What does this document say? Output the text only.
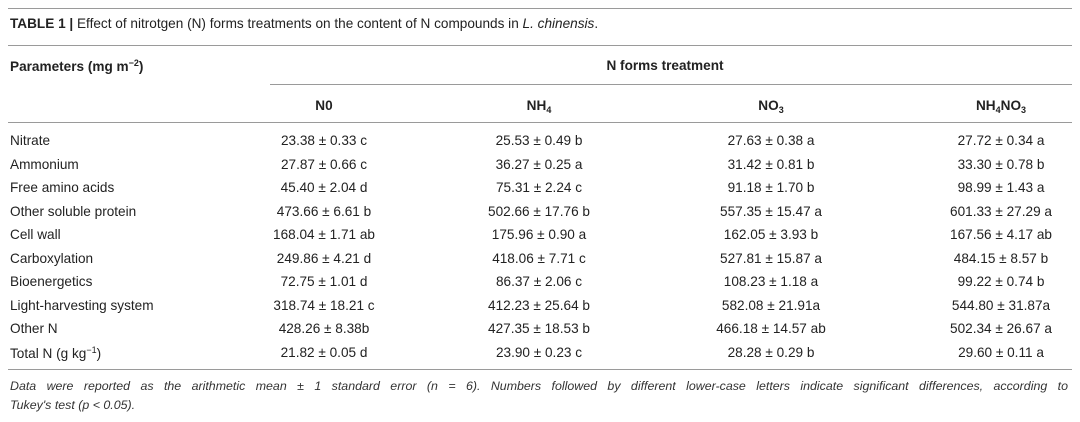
TABLE 1 | Effect of nitrotgen (N) forms treatments on the content of N compounds in L. chinensis.
Parameters (mg $m^{-2}$)	N forms treatment
N0	$NH_4$	$NO_3$	$NH_4NO_3$
Nitrate	23.38 ± 0.33 c	25.53 ± 0.49 b	27.63 ± 0.38 a	27.72 ± 0.34 a
Ammonium	27.87 ± 0.66 c	36.27 ± 0.25 a	31.42 ± 0.81 b	33.30 ± 0.78 b
Free amino acids	45.40 ± 2.04 d	75.31 ± 2.24 c	91.18 ± 1.70 b	98.99 ± 1.43 a
Other soluble protein	473.66 ± 6.61 b	502.66 ± 17.76 b	557.35 ± 15.47 a	601.33 ± 27.29 a
Cell wall	168.04 ± 1.71 ab	175.96 ± 0.90 a	162.05 ± 3.93 b	167.56 ± 4.17 ab
Carboxylation	249.86 ± 4.21 d	418.06 ± 7.71 c	527.81 ± 15.87 a	484.15 ± 8.57 b
Bioenergetics	72.75 ± 1.01 d	86.37 ± 2.06 c	108.23 ± 1.18 a	99.22 ± 0.74 b
Light-harvesting system	318.74 ± 18.21 c	412.23 ± 25.64 b	582.08 ± 21.91a	544.80 ± 31.87a
Other N	428.26 ± 8.38b	427.35 ± 18.53 b	466.18 ± 14.57 ab	502.34 ± 26.67 a
Total N (g $kg^{-1}$)	21.82 ± 0.05 d	23.90 ± 0.23 c	28.28 ± 0.29 b	29.60 ± 0.11 a
Data were reported as the arithmetic mean ± 1 standard error (n = 6). Numbers followed by different lower-case letters indicate significant differences, according to
Tukey's test (p < 0.05).
